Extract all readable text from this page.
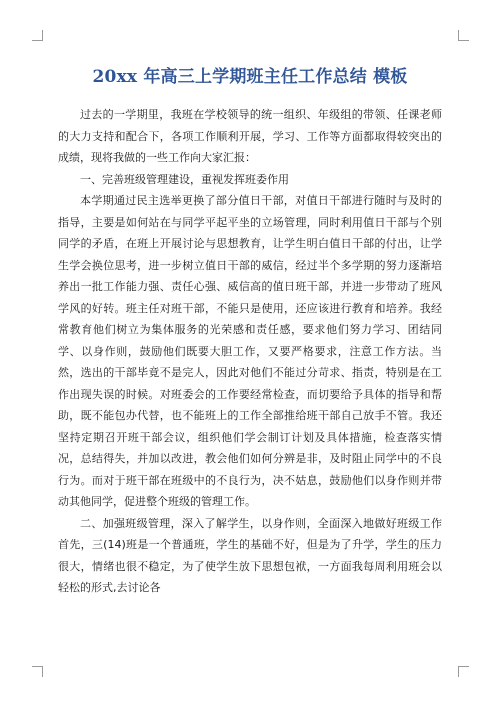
20xx 年高三上学期班主任工作总结 模板

过去的一学期里，我班在学校领导的统一组织、年级组的带领、任课老师的大力支持和配合下，各项工作顺利开展，学习、工作等方面都取得较突出的成绩，现将我做的一些工作向大家汇报：

一、完善班级管理建设，重视发挥班委作用

本学期通过民主选举更换了部分值日干部，对值日干部进行随时与及时的指导，主要是如何站在与同学平起平坐的立场管理，同时利用值日干部与个别同学的矛盾，在班上开展讨论与思想教育，让学生明白值日干部的付出，让学生学会换位思考，进一步树立值日干部的威信，经过半个多学期的努力逐渐培养出一批工作能力强、责任心强、威信高的值日班干部，并进一步带动了班风学风的好转。班主任对班干部，不能只是使用，还应该进行教育和培养。我经常教育他们树立为集体服务的光荣感和责任感，要求他们努力学习、团结同学、以身作则，鼓励他们既要大胆工作，又要严格要求，注意工作方法。当然，选出的干部毕竟不是完人，因此对他们不能过分苛求、指责，特别是在工作出现失误的时候。对班委会的工作要经常检查，而切要给予具体的指导和帮助，既不能包办代替，也不能班上的工作全部推给班干部自己放手不管。我还坚持定期召开班干部会议，组织他们学会制订计划及具体措施，检查落实情况，总结得失，并加以改进，教会他们如何分辨是非，及时阻止同学中的不良行为。而对于班干部在班级中的不良行为，决不姑息，鼓励他们以身作则并带动其他同学，促进整个班级的管理工作。

二、加强班级管理，深入了解学生，以身作则，全面深入地做好班级工作 首先，三(14)班是一个普通班，学生的基础不好，但是为了升学，学生的压力很大，情绪也很不稳定，为了使学生放下思想包袱，一方面我每周利用班会以轻松的形式,去讨论各
